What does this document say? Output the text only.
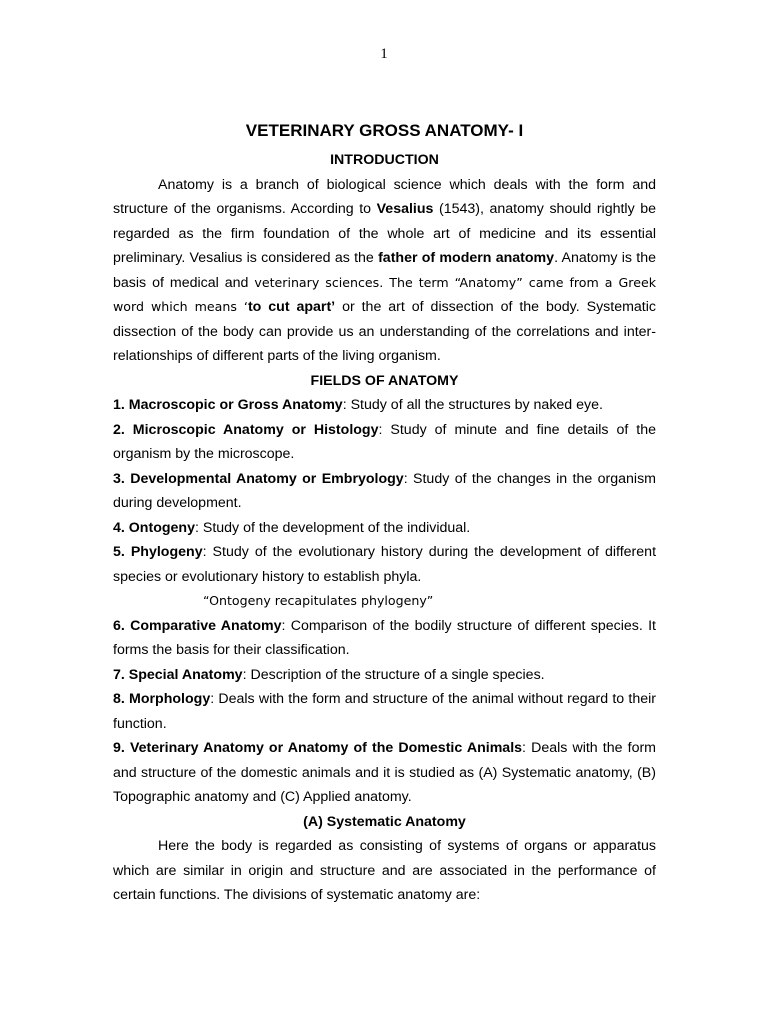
1

VETERINARY GROSS ANATOMY- I

INTRODUCTION

Anatomy is a branch of biological science which deals with the form and structure of the organisms. According to Vesalius (1543), anatomy should rightly be regarded as the firm foundation of the whole art of medicine and its essential preliminary. Vesalius is considered as the father of modern anatomy. Anatomy is the basis of medical and veterinary sciences. The term “Anatomy” came from a Greek word which means ‘to cut apart’ or the art of dissection of the body. Systematic dissection of the body can provide us an understanding of the correlations and inter-relationships of different parts of the living organism.

FIELDS OF ANATOMY

1. Macroscopic or Gross Anatomy: Study of all the structures by naked eye.

2. Microscopic Anatomy or Histology: Study of minute and fine details of the organism by the microscope.

3. Developmental Anatomy or Embryology: Study of the changes in the organism during development.

4. Ontogeny: Study of the development of the individual.

5. Phylogeny: Study of the evolutionary history during the development of different species or evolutionary history to establish phyla.

“Ontogeny recapitulates phylogeny”

6. Comparative Anatomy: Comparison of the bodily structure of different species. It forms the basis for their classification.

7. Special Anatomy: Description of the structure of a single species.

8. Morphology: Deals with the form and structure of the animal without regard to their function.

9. Veterinary Anatomy or Anatomy of the Domestic Animals: Deals with the form and structure of the domestic animals and it is studied as (A) Systematic anatomy, (B) Topographic anatomy and (C) Applied anatomy.

(A) Systematic Anatomy

Here the body is regarded as consisting of systems of organs or apparatus which are similar in origin and structure and are associated in the performance of certain functions. The divisions of systematic anatomy are:
